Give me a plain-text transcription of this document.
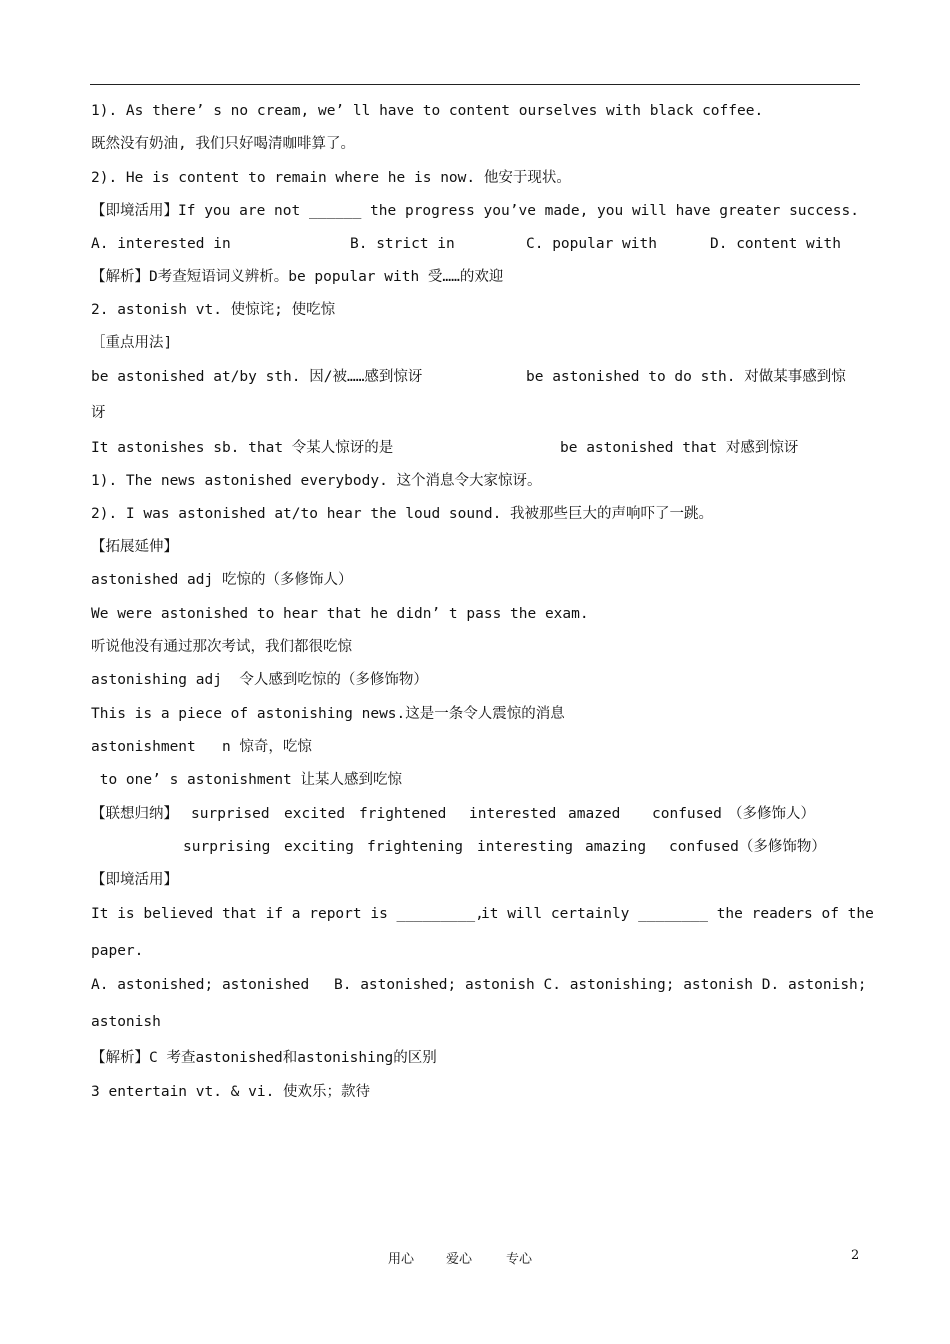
1). As there’ s no cream, we’ ll have to content ourselves with black coffee.
既然没有奶油, 我们只好喝清咖啡算了。
2). He is content to remain where he is now. 他安于现状。
【即境活用】If you are not ______ the progress you’ve made, you will have greater success.
A. interested in	B. strict in	C. popular with	D. content with
【解析】D考查短语词义辨析。be popular with 受……的欢迎
2. astonish vt. 使惊诧; 使吃惊
［重点用法]
be astonished at/by sth. 因/被……感到惊讶	be astonished to do sth. 对做某事感到惊
讶
It astonishes sb. that 令某人惊讶的是	be astonished that 对感到惊讶
1). The news astonished everybody. 这个消息令大家惊讶。
2). I was astonished at/to hear the loud sound. 我被那些巨大的声响吓了一跳。
【拓展延伸】
astonished adj 吃惊的（多修饰人）
We were astonished to hear that he didn’ t pass the exam.
听说他没有通过那次考试，我们都很吃惊
astonishing adj  令人感到吃惊的（多修饰物）
This is a piece of astonishing news.这是一条令人震惊的消息
astonishment   n 惊奇，吃惊
to one’ s astonishment 让某人感到吃惊
【联想归纳】 surprised excited frightened interested amazed confused （多修饰人）
surprising exciting frightening interesting amazing confused（多修饰物）
【即境活用】
It is believed that if a report is _________,
it will certainly ________ the readers of the
paper.
A. astonished; astonished B. astonished; astonish C. astonishing; astonish D. astonish;
astonish
【解析】C 考查astonished和astonishing的区别
3 entertain vt. & vi. 使欢乐；款待
用心 爱心	专心	2
